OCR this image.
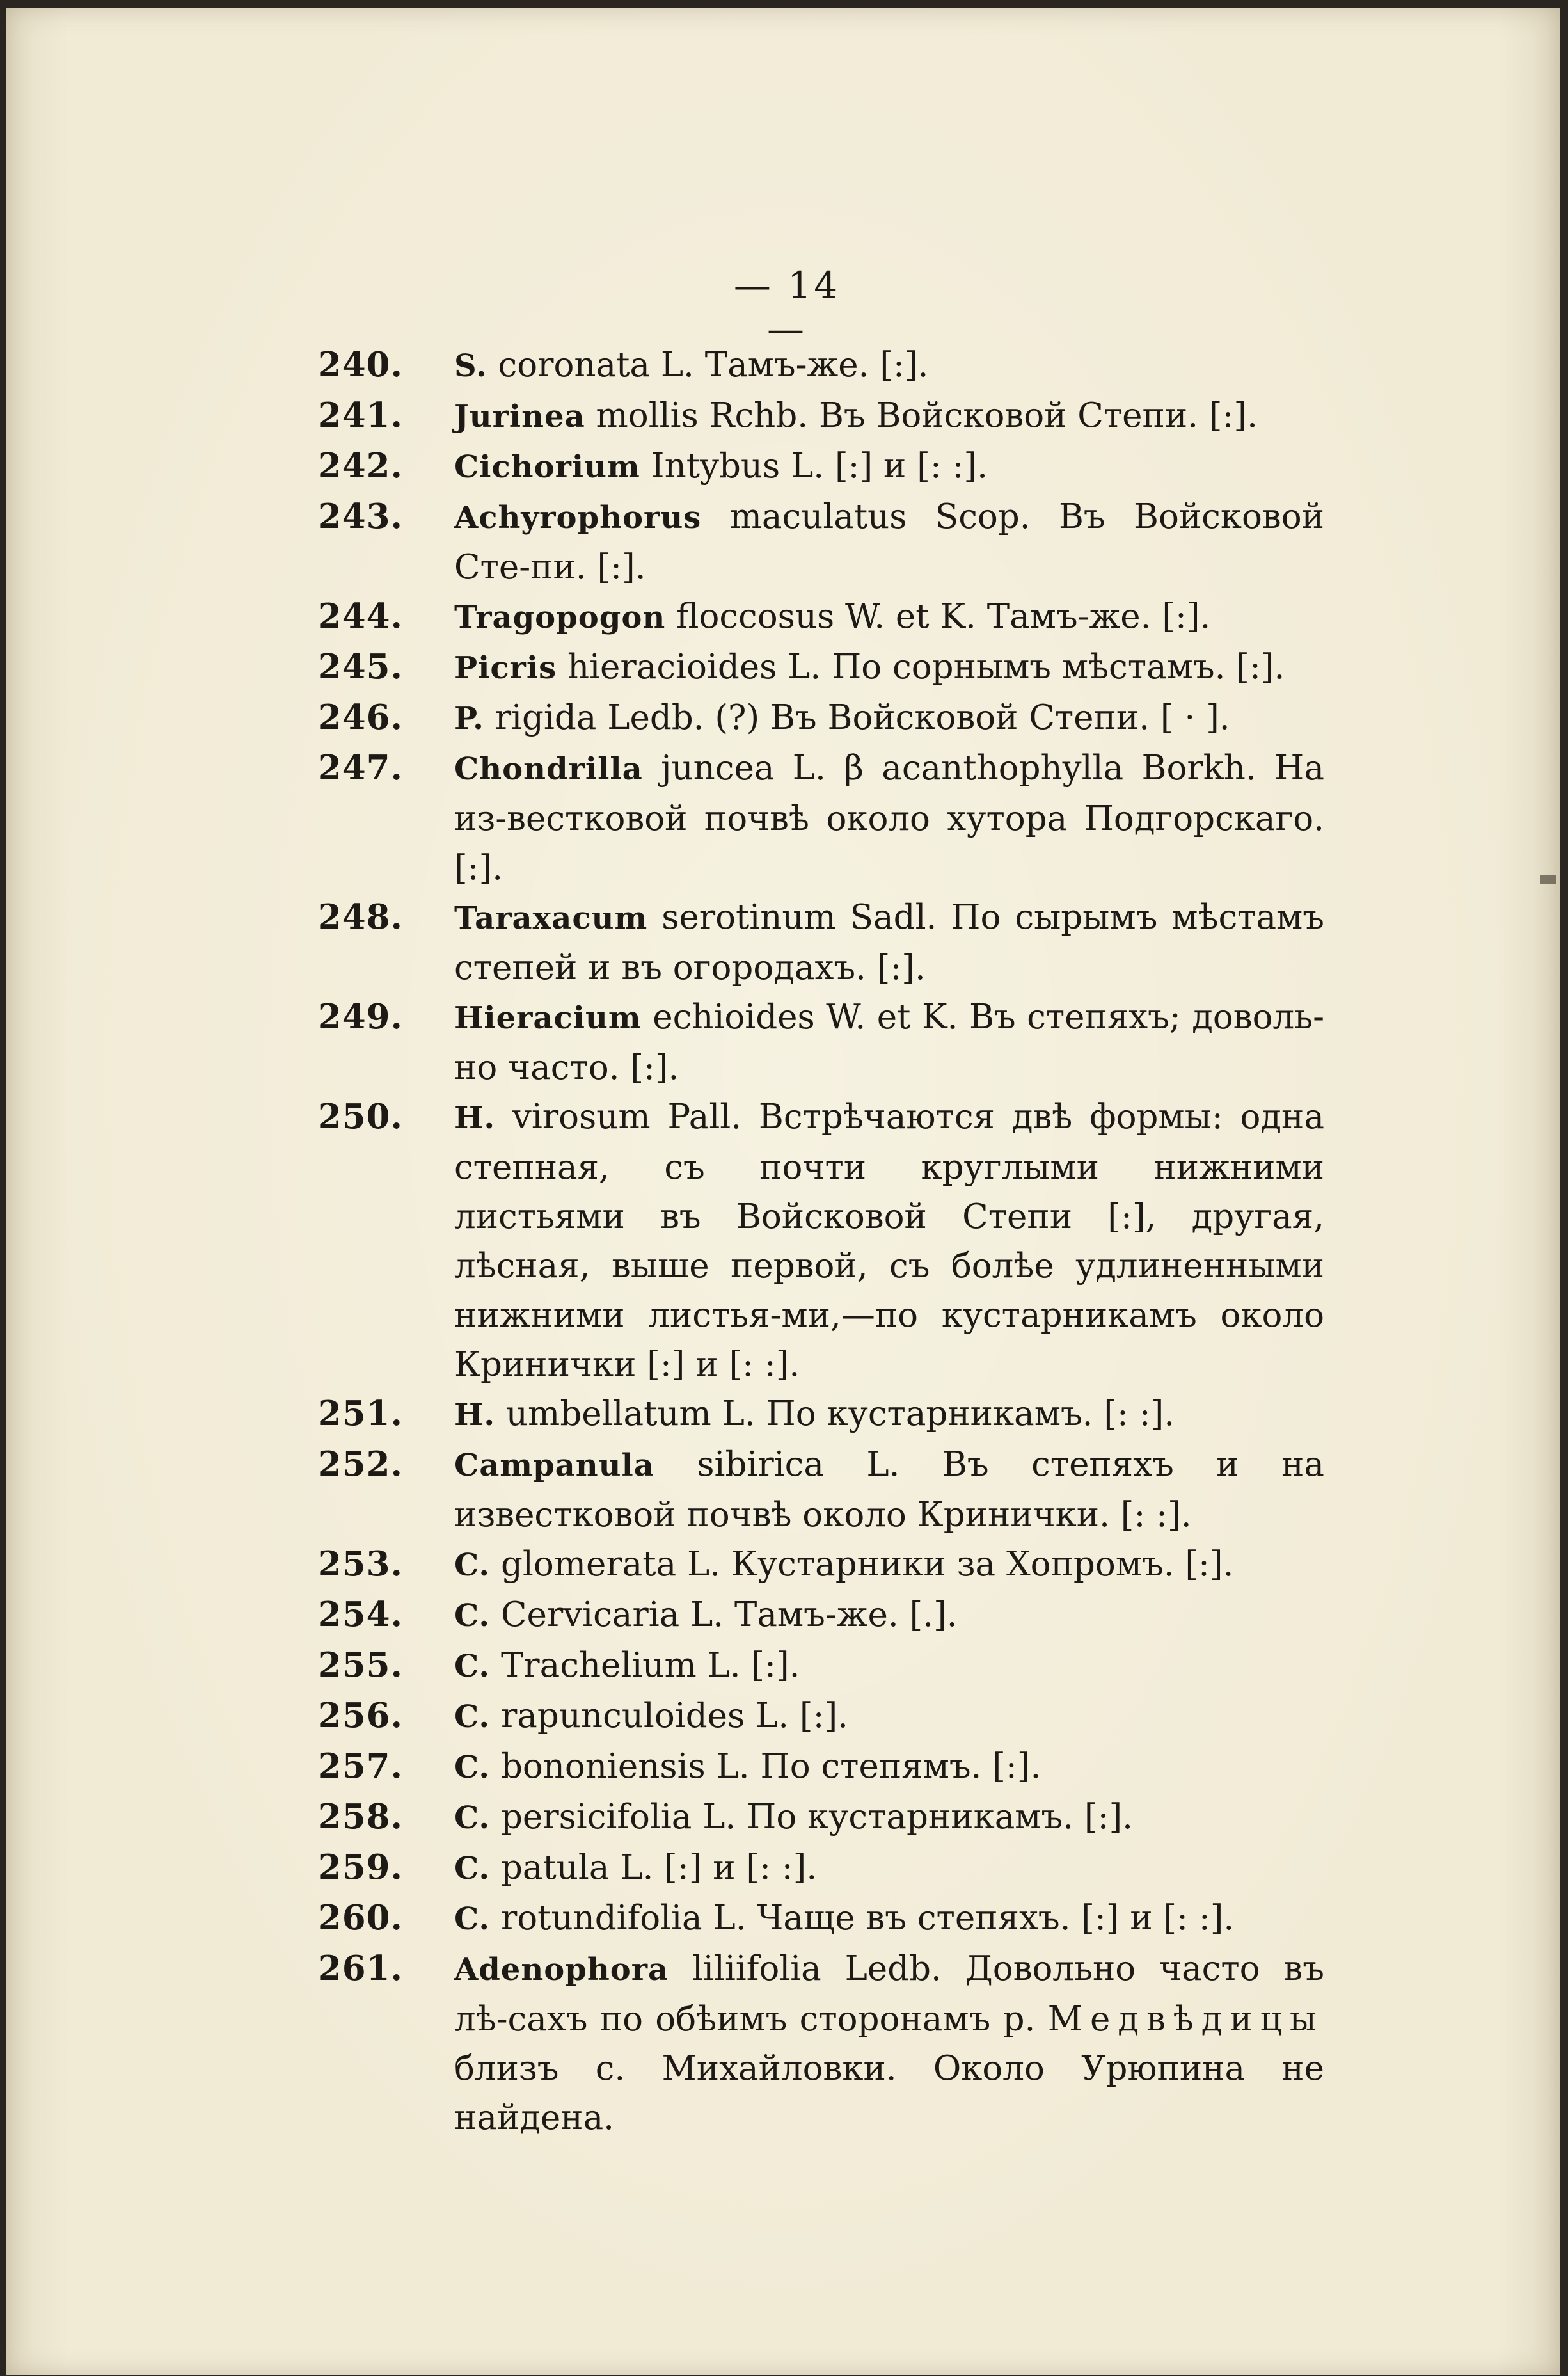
— 14 —
240. S. coronata L. Тамъ-же. [:].
241. Jurinea mollis Rchb. Въ Войсковой Степи. [:].
242. Cichorium Intybus L. [:] и [: :].
243. Achyrophorus maculatus Scop. Въ Войсковой Сте-пи. [:].
244. Tragopogon floccosus W. et K. Тамъ-же. [:].
245. Picris hieracioides L. По сорнымъ мѣстамъ. [:].
246. P. rigida Ledb. (?) Въ Войсковой Степи. [ · ].
247. Chondrilla juncea L. β acanthophylla Borkh. На из-вестковой почвѣ около хутора Подгорскаго. [:].
248. Taraxacum serotinum Sadl. По сырымъ мѣстамъ степей и въ огородахъ. [:].
249. Hieracium echioides W. et K. Въ степяхъ; доволь-но часто. [:].
250. H. virosum Pall. Встрѣчаются двѣ формы: одна степная, съ почти круглыми нижними листьями въ Войсковой Степи [:], другая, лѣсная, выше первой, съ болѣе удлиненными нижними листья-ми,—по кустарникамъ около Кринички [:] и [: :].
251. H. umbellatum L. По кустарникамъ. [: :].
252. Campanula sibirica L. Въ степяхъ и на известковой почвѣ около Кринички. [: :].
253. C. glomerata L. Кустарники за Хопромъ. [:].
254. C. Cervicaria L. Тамъ-же. [.].
255. C. Trachelium L. [:].
256. C. rapunculoides L. [:].
257. C. bononiensis L. По степямъ. [:].
258. C. persicifolia L. По кустарникамъ. [:].
259. C. patula L. [:] и [: :].
260. C. rotundifolia L. Чаще въ степяхъ. [:] и [: :].
261. Adenophora liliifolia Ledb. Довольно часто въ лѣ-сахъ по обѣимъ сторонамъ р. Медвѣдицы близъ с. Михайловки. Около Урюпина не найдена.
